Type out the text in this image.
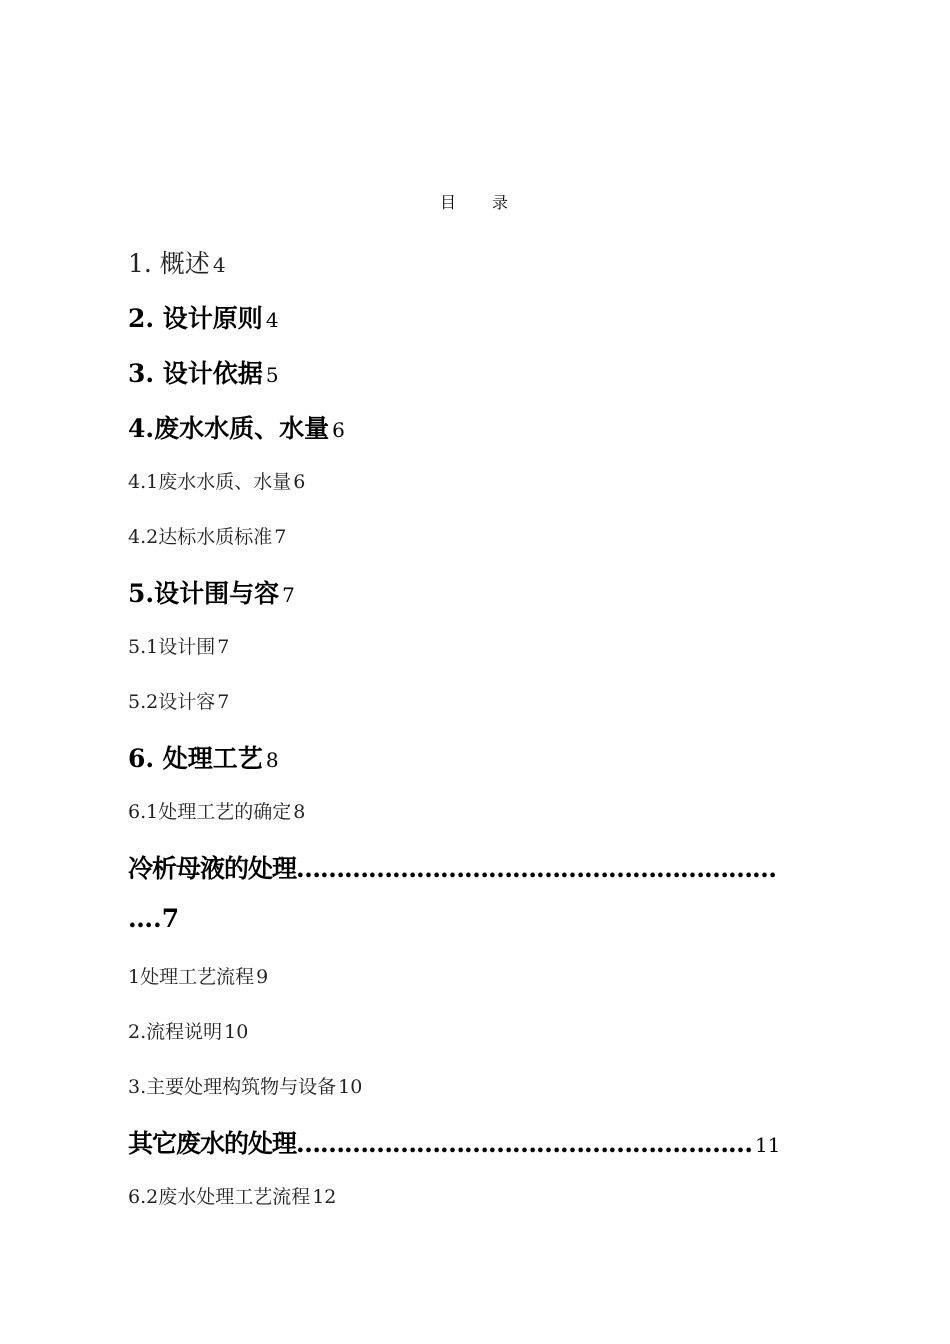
目 录
1. 概述 4
2. 设计原则 4
3. 设计依据 5
4.废水水质、水量 6
4.1废水水质、水量 6
4.2达标水质标准 7
5.设计围与容 7
5.1设计围 7
5.2设计容 7
6. 处理工艺 8
6.1处理工艺的确定 8
冷析母液的处理……………………………………………………
….7
1处理工艺流程 9
2.流程说明 10
3.主要处理构筑物与设备 10
其它废水的处理………………………………………………… 11
6.2废水处理工艺流程 12
